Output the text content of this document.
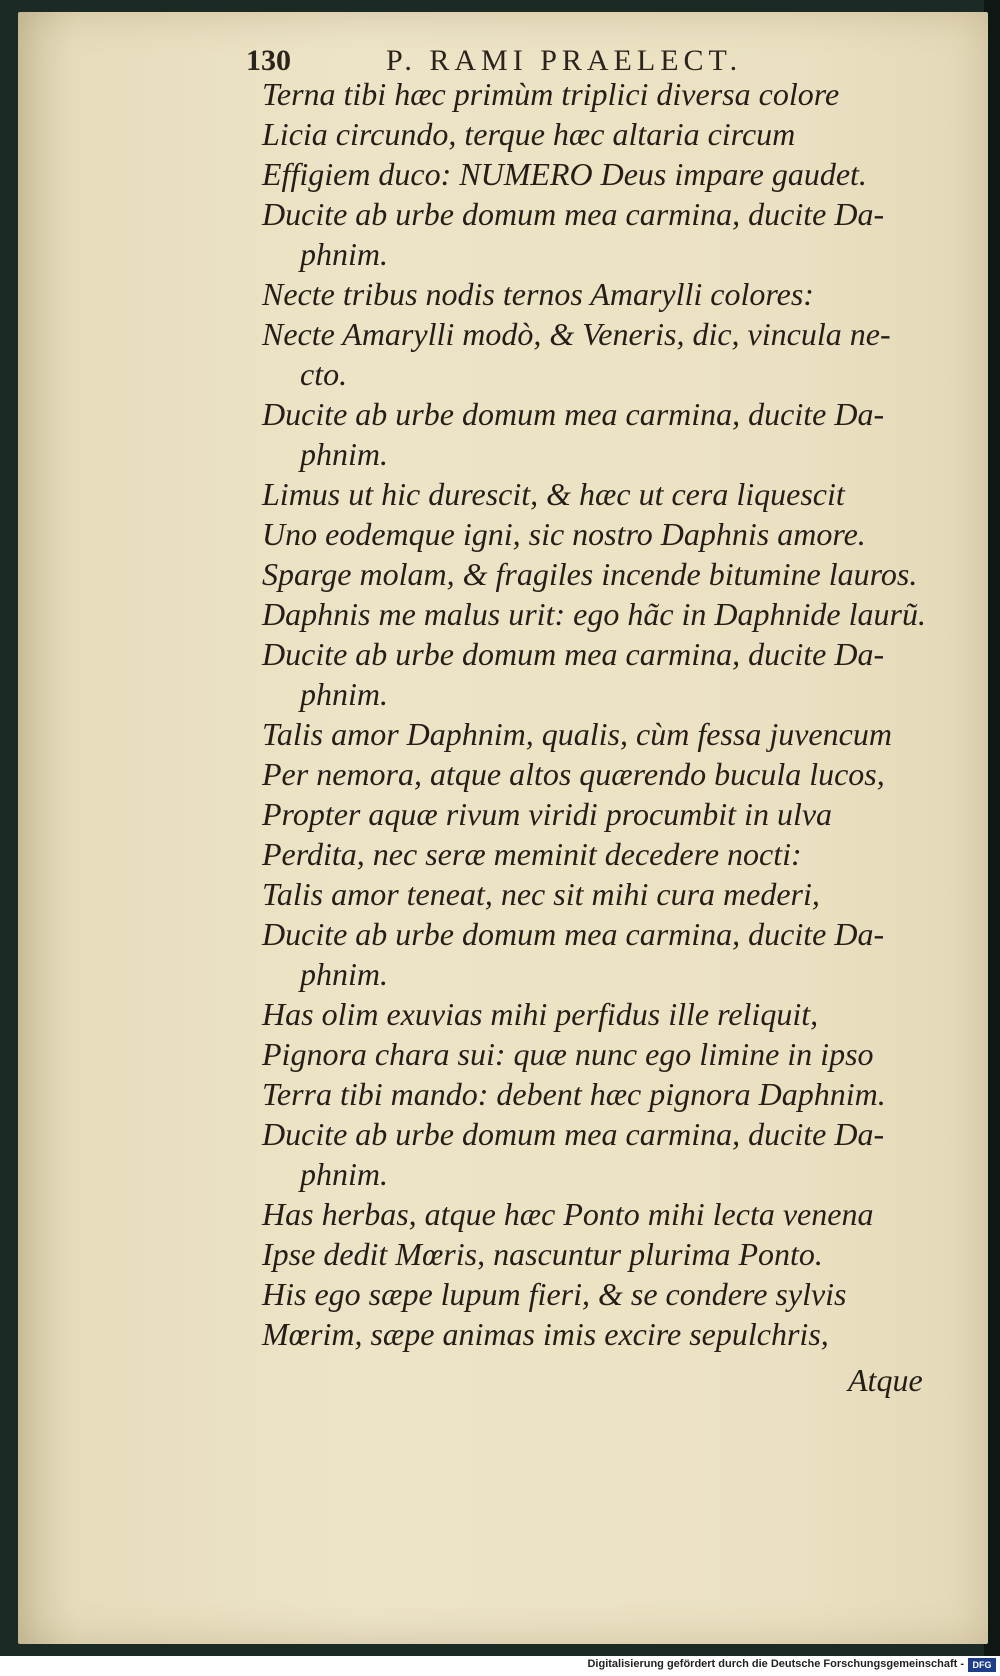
130	P. RAMI PRAELECT.
Terna tibi hæc primùm triplici diversa colore
Licia circundo, terque hæc altaria circum
Effigiem duco: NUMERO Deus impare gaudet.
Ducite ab urbe domum mea carmina, ducite Da-
phnim.
Necte tribus nodis ternos Amarylli colores:
Necte Amarylli modò, & Veneris, dic, vincula ne-
cto.
Ducite ab urbe domum mea carmina, ducite Da-
phnim.
Limus ut hic durescit, & hæc ut cera liquescit
Uno eodemque igni, sic nostro Daphnis amore.
Sparge molam, & fragiles incende bitumine lauros.
Daphnis me malus urit: ego hãc in Daphnide laurũ.
Ducite ab urbe domum mea carmina, ducite Da-
phnim.
Talis amor Daphnim, qualis, cùm fessa juvencum
Per nemora, atque altos quærendo bucula lucos,
Propter aquæ rivum viridi procumbit in ulva
Perdita, nec seræ meminit decedere nocti:
Talis amor teneat, nec sit mihi cura mederi,
Ducite ab urbe domum mea carmina, ducite Da-
phnim.
Has olim exuvias mihi perfidus ille reliquit,
Pignora chara sui: quæ nunc ego limine in ipso
Terra tibi mando: debent hæc pignora Daphnim.
Ducite ab urbe domum mea carmina, ducite Da-
phnim.
Has herbas, atque hæc Ponto mihi lecta venena
Ipse dedit Mœris, nascuntur plurima Ponto.
His ego sæpe lupum fieri, & se condere sylvis
Mœrim, sæpe animas imis excire sepulchris,
Atque
Digitalisierung gefördert durch die Deutsche Forschungsgemeinschaft - DFG
